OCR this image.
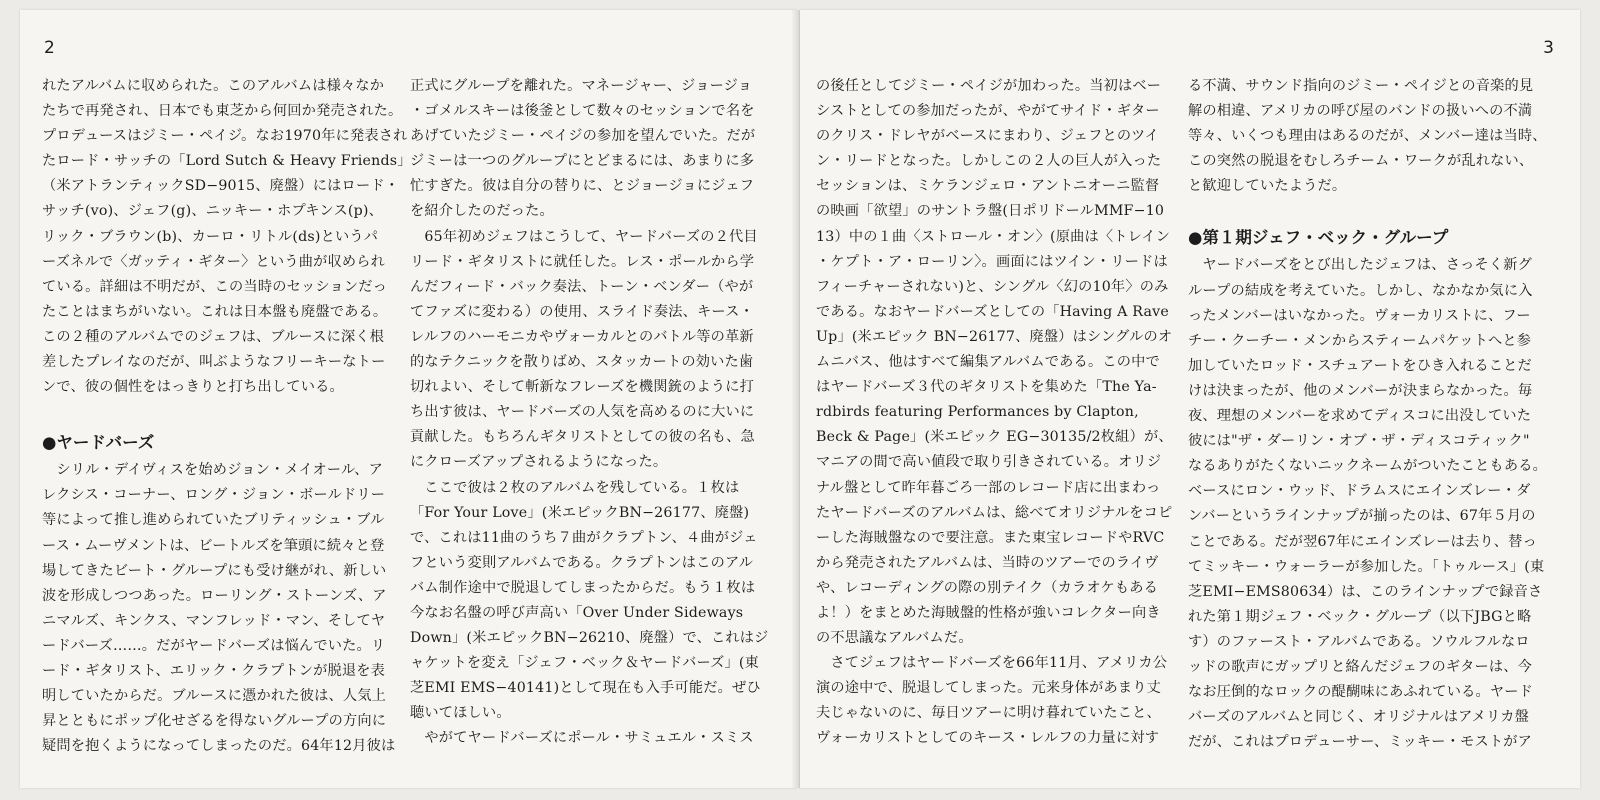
2

れたアルバムに収められた。このアルバムは様々なか

たちで再発され、日本でも東芝から何回か発売された。

プロデュースはジミー・ペイジ。なお1970年に発表され

たロード・サッチの「Lord Sutch & Heavy Friends」

（米アトランティックSD−9015、廃盤）にはロード・

サッチ(vo)、ジェフ(g)、ニッキー・ホプキンス(p)、

リック・ブラウン(b)、カーロ・リトル(ds)というパ

ーズネルで〈ガッティ・ギター〉という曲が収められ

ている。詳細は不明だが、この当時のセッションだっ

たことはまちがいない。これは日本盤も廃盤である。

この２種のアルバムでのジェフは、ブルースに深く根

差したプレイなのだが、叫ぶようなフリーキーなトー

ンで、彼の個性をはっきりと打ち出している。

●ヤードバーズ

　シリル・デイヴィスを始めジョン・メイオール、ア

レクシス・コーナー、ロング・ジョン・ボールドリー

等によって推し進められていたブリティッシュ・ブル

ース・ムーヴメントは、ビートルズを筆頭に続々と登

場してきたビート・グループにも受け継がれ、新しい

波を形成しつつあった。ローリング・ストーンズ、ア

ニマルズ、キンクス、マンフレッド・マン、そしてヤ

ードバーズ……。だがヤードバーズは悩んでいた。リ

ード・ギタリスト、エリック・クラプトンが脱退を表

明していたからだ。ブルースに憑かれた彼は、人気上

昇とともにポップ化せざるを得ないグループの方向に

疑問を抱くようになってしまったのだ。64年12月彼は

正式にグループを離れた。マネージャー、ジョージョ

・ゴメルスキーは後釜として数々のセッションで名を

あげていたジミー・ペイジの参加を望んでいた。だが

ジミーは一つのグループにとどまるには、あまりに多

忙すぎた。彼は自分の替りに、とジョージョにジェフ

を紹介したのだった。

　65年初めジェフはこうして、ヤードバーズの２代目

リード・ギタリストに就任した。レス・ポールから学

んだフィード・バック奏法、トーン・ベンダー（やが

てファズに変わる）の使用、スライド奏法、キース・

レルフのハーモニカやヴォーカルとのバトル等の革新

的なテクニックを散りばめ、スタッカートの効いた歯

切れよい、そして斬新なフレーズを機関銃のように打

ち出す彼は、ヤードバーズの人気を高めるのに大いに

貢献した。もちろんギタリストとしての彼の名も、急

にクローズアップされるようになった。

　ここで彼は２枚のアルバムを残している。１枚は

「For Your Love」(米エピックBN−26177、廃盤)

で、これは11曲のうち７曲がクラプトン、４曲がジェ

フという変則アルバムである。クラプトンはこのアル

バム制作途中で脱退してしまったからだ。もう１枚は

今なお名盤の呼び声高い「Over Under Sideways

Down」(米エピックBN−26210、廃盤）で、これはジ

ャケットを変え「ジェフ・ベック＆ヤードバーズ」(東

芝EMI EMS−40141)として現在も入手可能だ。ぜひ

聴いてほしい。

　やがてヤードバーズにポール・サミュエル・スミス

3

の後任としてジミー・ペイジが加わった。当初はベー

シストとしての参加だったが、やがてサイド・ギター

のクリス・ドレヤがベースにまわり、ジェフとのツイ

ン・リードとなった。しかしこの２人の巨人が入った

セッションは、ミケランジェロ・アントニオーニ監督

の映画「欲望」のサントラ盤(日ポリドールMMF−10

13）中の１曲〈ストロール・オン〉(原曲は〈トレイン

・ケプト・ア・ローリン〉。画面にはツイン・リードは

フィーチャーされない)と、シングル〈幻の10年〉のみ

である。なおヤードバーズとしての「Having A Rave

Up」(米エピック BN−26177、廃盤）はシングルのオ

ムニバス、他はすべて編集アルバムである。この中で

はヤードバーズ３代のギタリストを集めた「The Ya-

rdbirds featuring Performances by Clapton,

Beck & Page」(米エピック EG−30135/2枚組）が、

マニアの間で高い値段で取り引きされている。オリジ

ナル盤として昨年暮ごろ一部のレコード店に出まわっ

たヤードバーズのアルバムは、総べてオリジナルをコピ

ーした海賊盤なので要注意。また東宝レコードやRVC

から発売されたアルバムは、当時のツアーでのライヴ

や、レコーディングの際の別テイク（カラオケもある

よ！）をまとめた海賊盤的性格が強いコレクター向き

の不思議なアルバムだ。

　さてジェフはヤードバーズを66年11月、アメリカ公

演の途中で、脱退してしまった。元来身体があまり丈

夫じゃないのに、毎日ツアーに明け暮れていたこと、

ヴォーカリストとしてのキース・レルフの力量に対す

る不満、サウンド指向のジミー・ペイジとの音楽的見

解の相違、アメリカの呼び屋のバンドの扱いへの不満

等々、いくつも理由はあるのだが、メンバー達は当時、

この突然の脱退をむしろチーム・ワークが乱れない、

と歓迎していたようだ。

●第１期ジェフ・ベック・グループ

　ヤードバーズをとび出したジェフは、さっそく新グ

ループの結成を考えていた。しかし、なかなか気に入

ったメンバーはいなかった。ヴォーカリストに、フー

チー・クーチー・メンからスティームパケットへと参

加していたロッド・スチュアートをひき入れることだ

けは決まったが、他のメンバーが決まらなかった。毎

夜、理想のメンバーを求めてディスコに出没していた

彼には"ザ・ダーリン・オブ・ザ・ディスコティック"

なるありがたくないニックネームがついたこともある。

ベースにロン・ウッド、ドラムスにエインズレー・ダ

ンバーというラインナップが揃ったのは、67年５月の

ことである。だが翌67年にエインズレーは去り、替っ

てミッキー・ウォーラーが参加した。「トゥルース」(東

芝EMI−EMS80634）は、このラインナップで録音さ

れた第１期ジェフ・ベック・グループ（以下JBGと略

す）のファースト・アルバムである。ソウルフルなロ

ッドの歌声にガップリと絡んだジェフのギターは、今

なお圧倒的なロックの醍醐味にあふれている。ヤード

バーズのアルバムと同じく、オリジナルはアメリカ盤

だが、これはプロデューサー、ミッキー・モストがア
